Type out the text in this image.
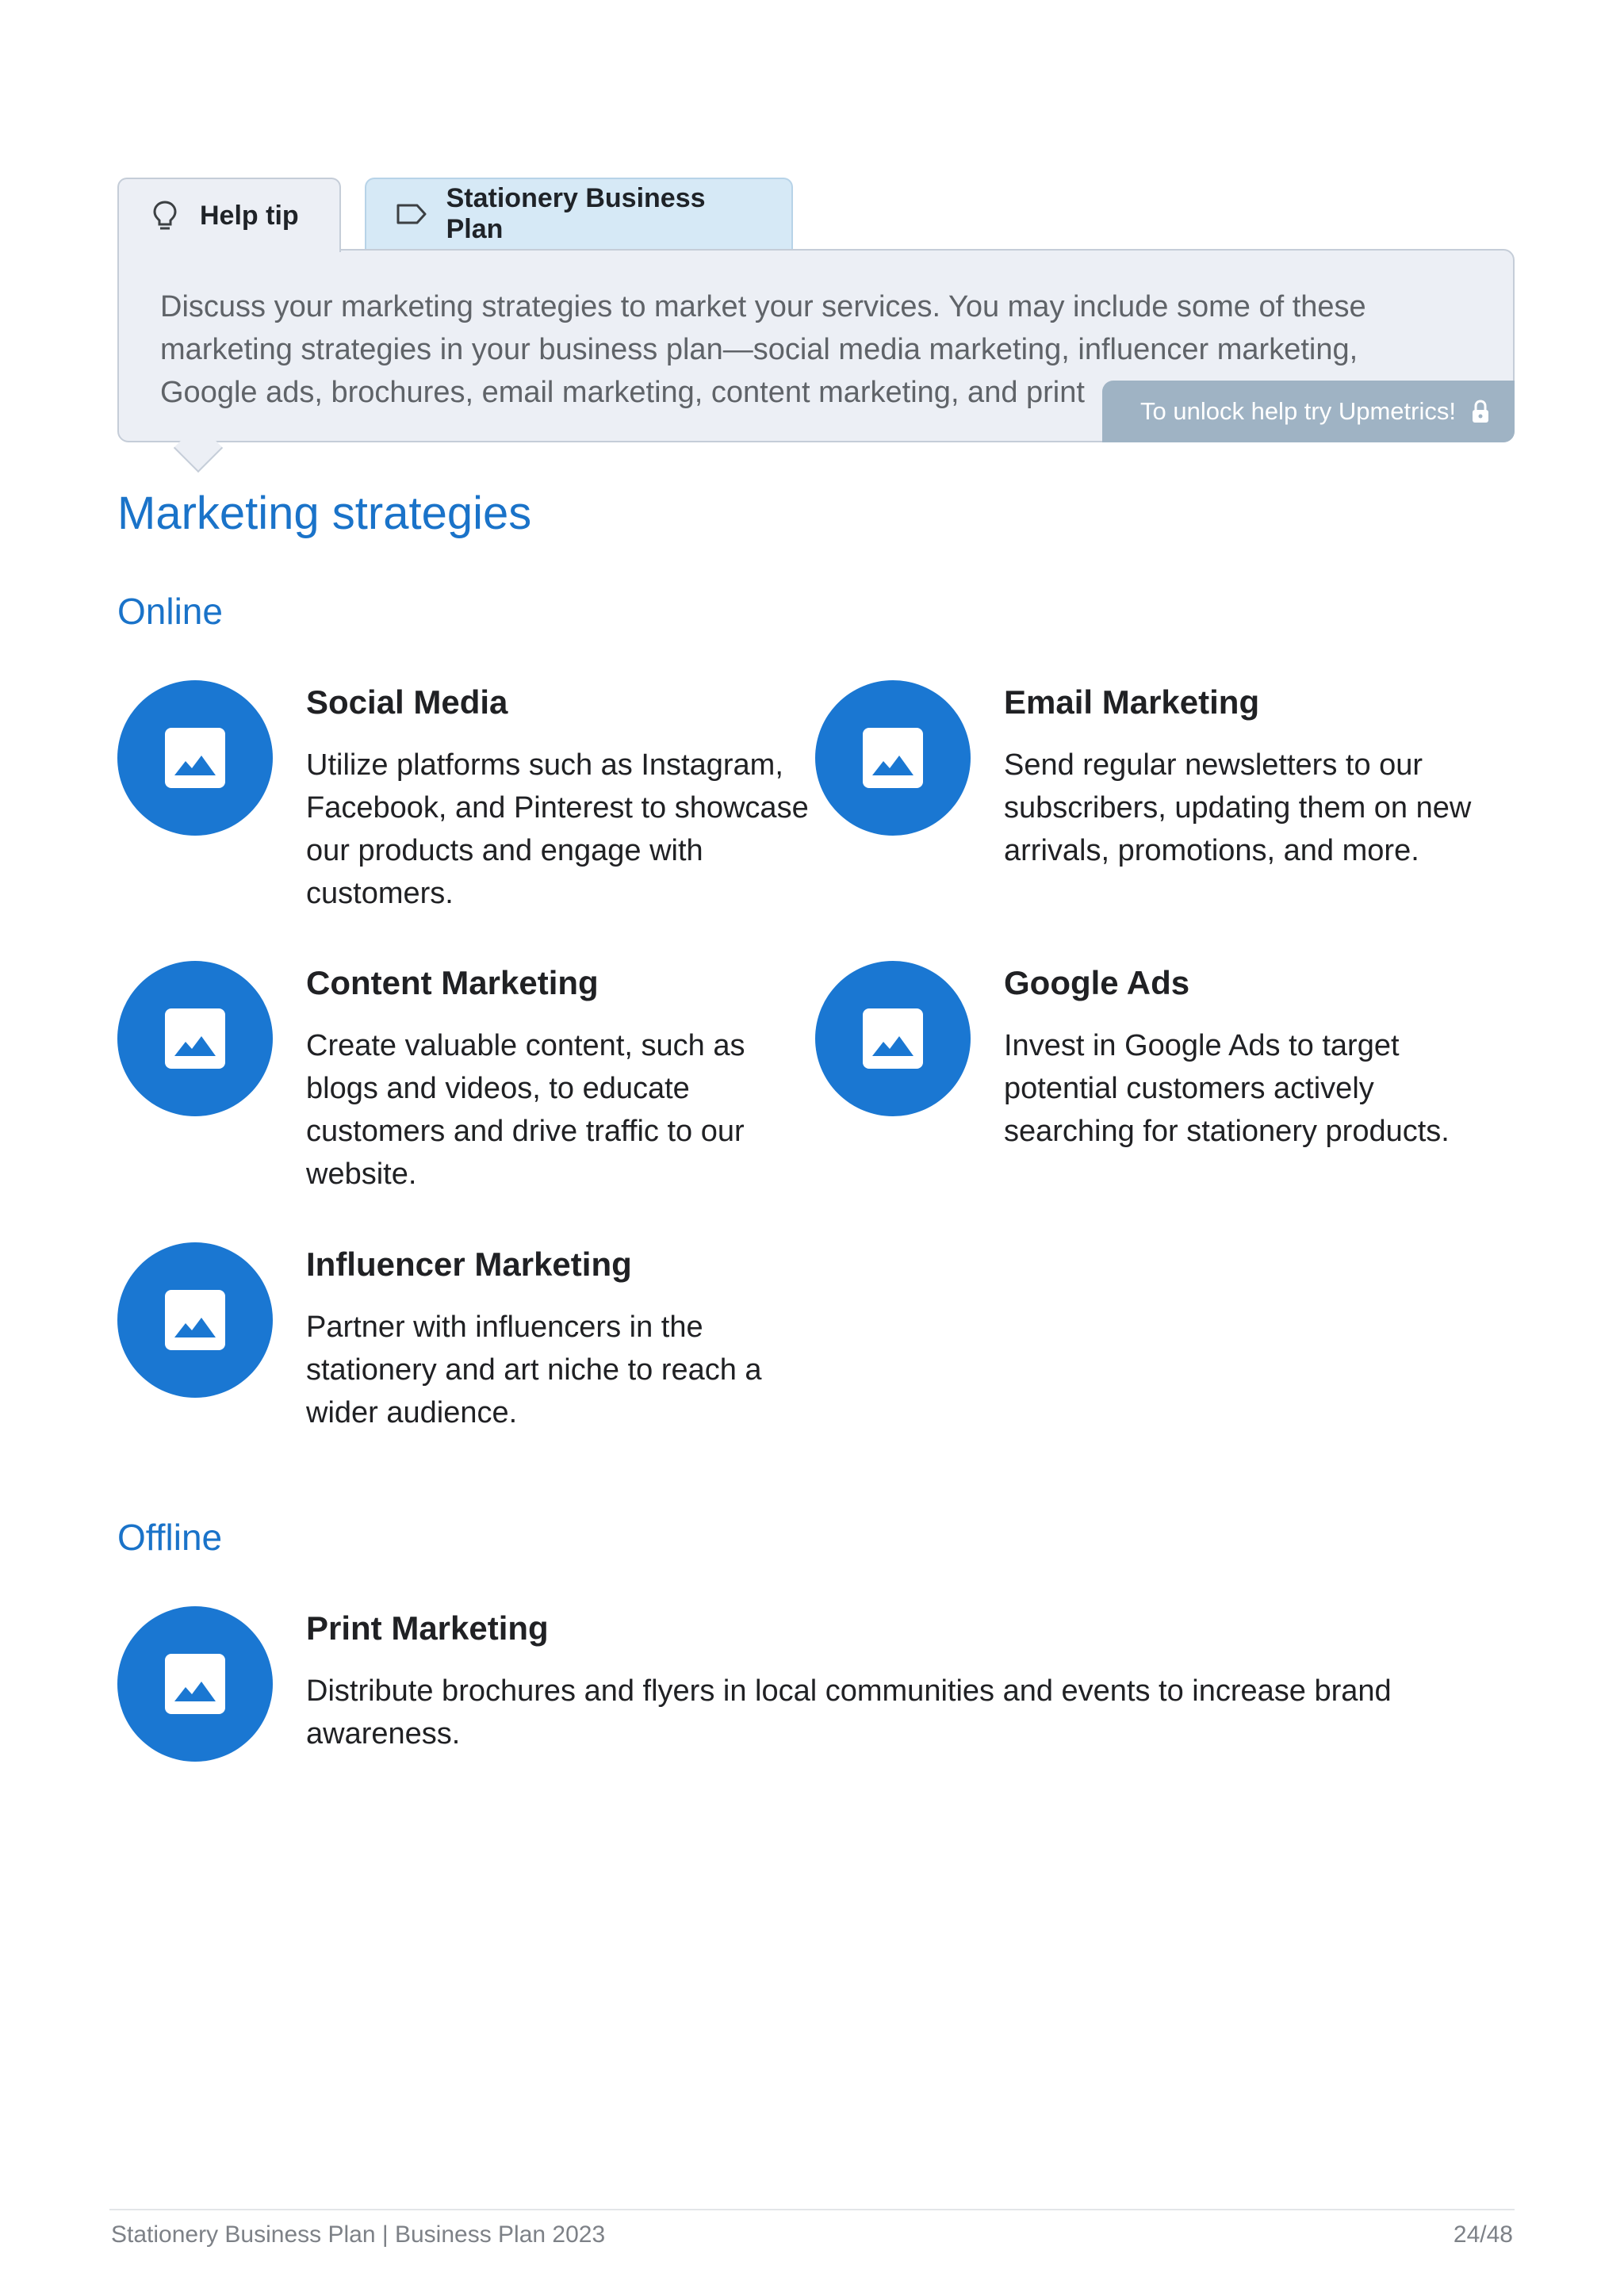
Help tip
Stationery Business Plan

Discuss your marketing strategies to market your services. You may include some of these marketing strategies in your business plan—social media marketing, influencer marketing, Google ads, brochures, email marketing, content marketing, and print

To unlock help try Upmetrics!
Marketing strategies
Online
Social Media

Utilize platforms such as Instagram, Facebook, and Pinterest to showcase our products and engage with customers.

Email Marketing

Send regular newsletters to our subscribers, updating them on new arrivals, promotions, and more.

Content Marketing

Create valuable content, such as blogs and videos, to educate customers and drive traffic to our website.

Google Ads

Invest in Google Ads to target potential customers actively searching for stationery products.

Influencer Marketing

Partner with influencers in the stationery and art niche to reach a wider audience.

Offline
Print Marketing

Distribute brochures and flyers in local communities and events to increase brand awareness.

Stationery Business Plan | Business Plan 2023	24/48
